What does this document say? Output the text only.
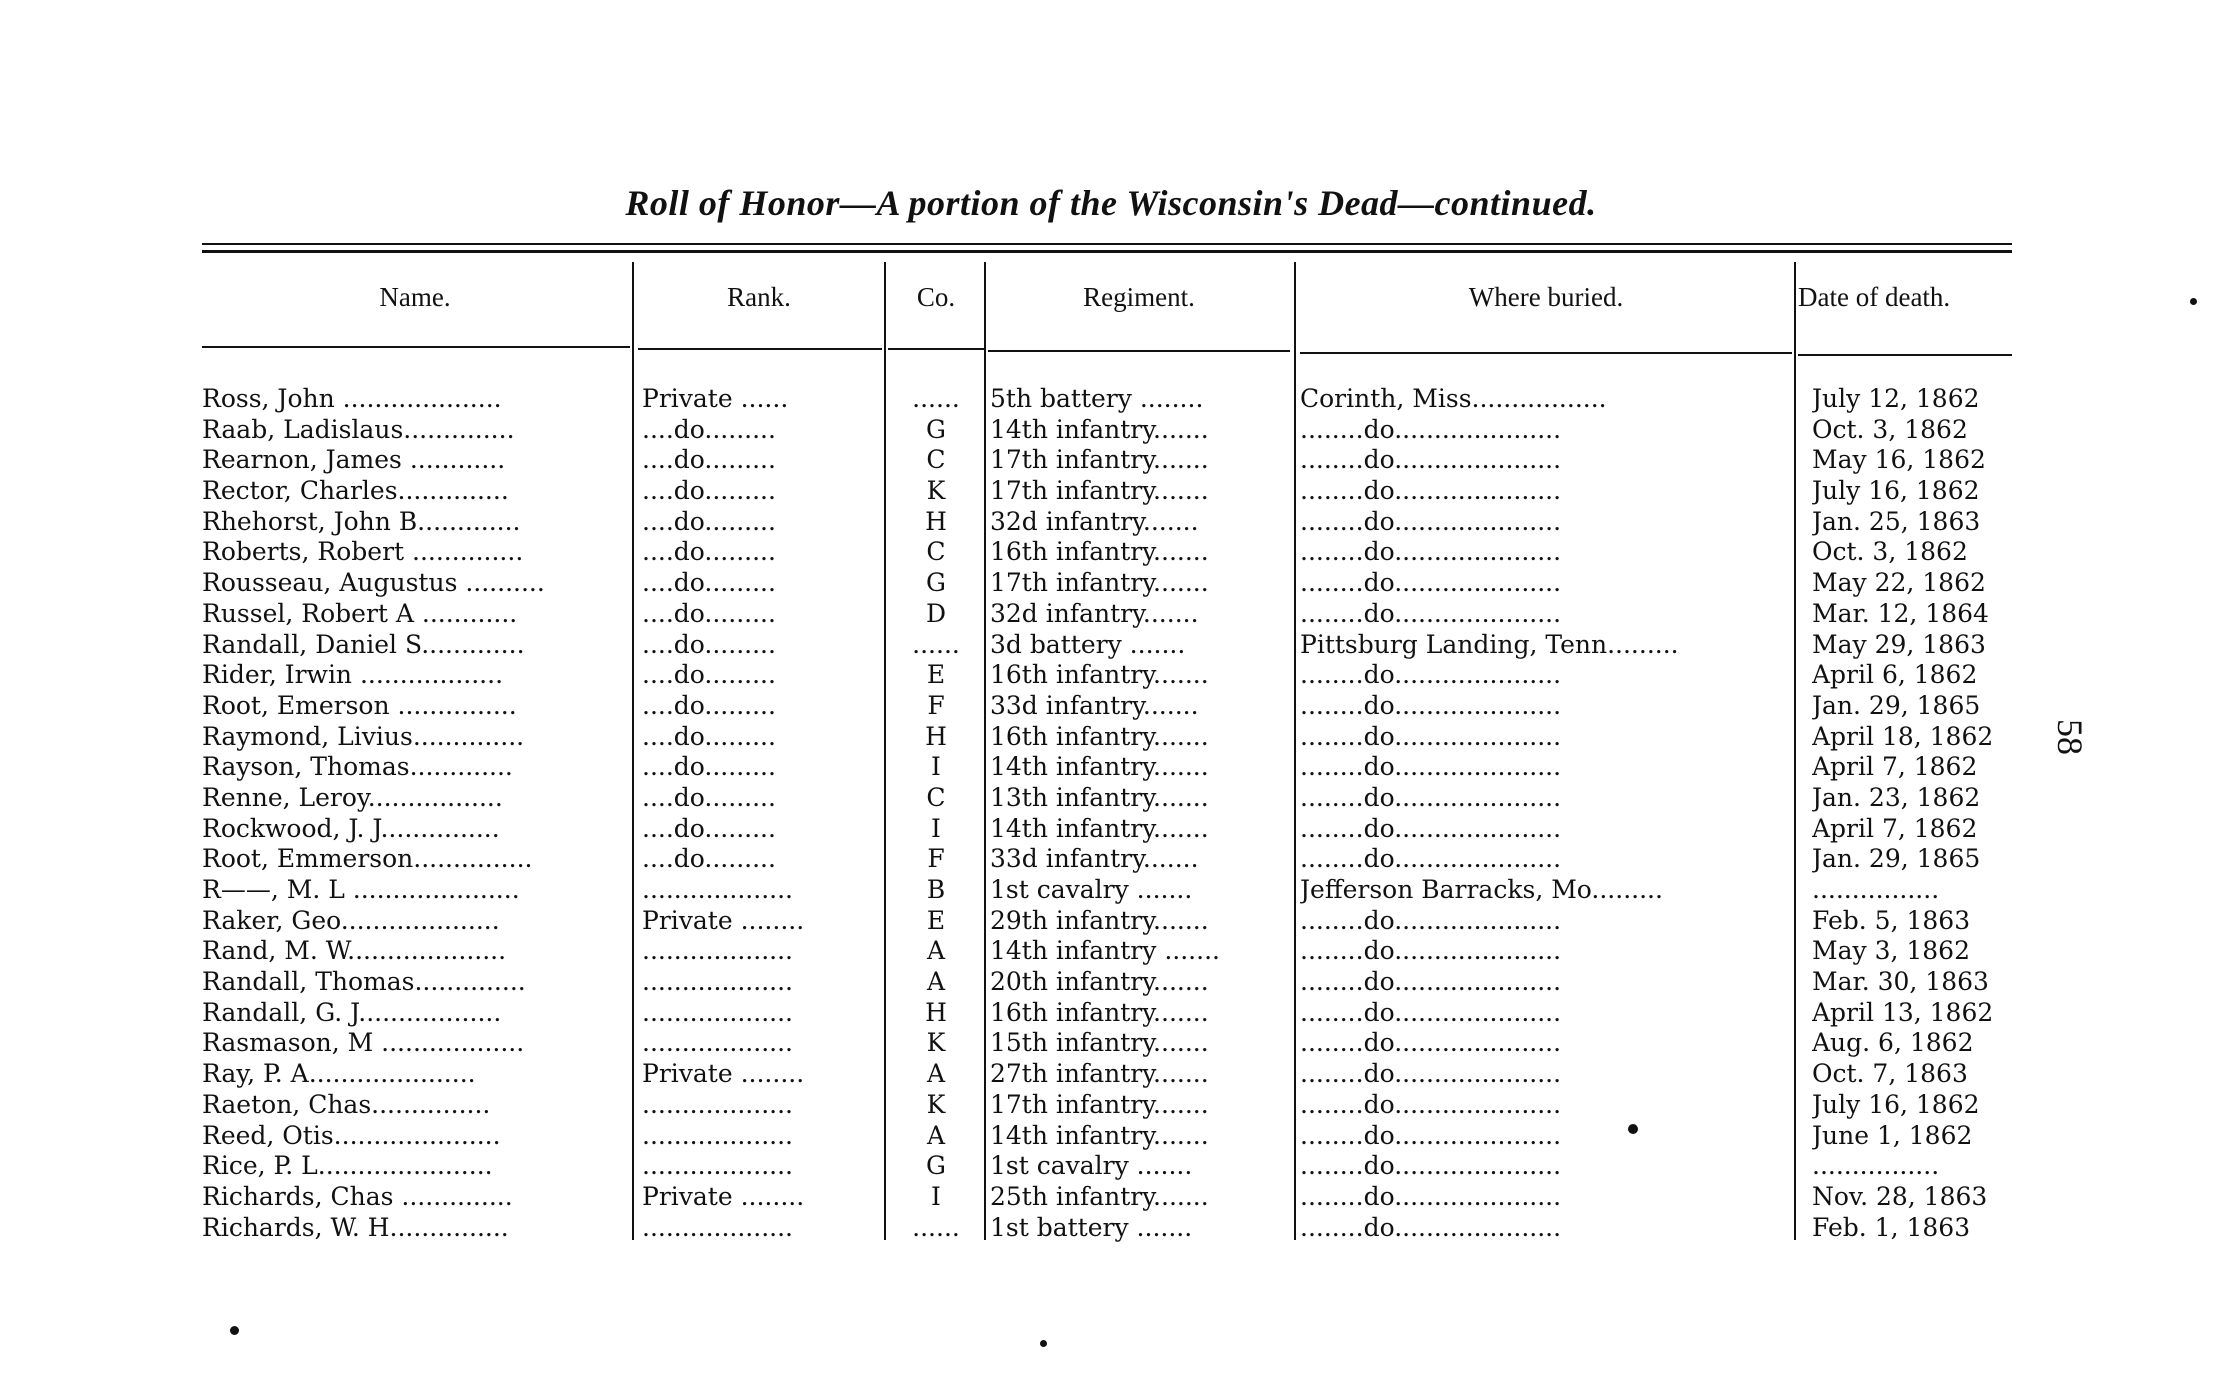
Roll of Honor—A portion of the Wisconsin's Dead—continued.
Name.	Rank.	Co.	Regiment.	Where buried.	Date of death.
Ross, John ....................	Private ......	......	5th battery ........	Corinth, Miss.................	July 12, 1862
Raab, Ladislaus..............	....do.........	G	14th infantry.......	........do.....................	Oct. 3, 1862
Rearnon, James ............	....do.........	C	17th infantry.......	........do.....................	May 16, 1862
Rector, Charles..............	....do.........	K	17th infantry.......	........do.....................	July 16, 1862
Rhehorst, John B.............	....do.........	H	32d infantry.......	........do.....................	Jan. 25, 1863
Roberts, Robert ..............	....do.........	C	16th infantry.......	........do.....................	Oct. 3, 1862
Rousseau, Augustus ..........	....do.........	G	17th infantry.......	........do.....................	May 22, 1862
Russel, Robert A ............	....do.........	D	32d infantry.......	........do.....................	Mar. 12, 1864
Randall, Daniel S.............	....do.........	......	3d battery .......	Pittsburg Landing, Tenn.........	May 29, 1863
Rider, Irwin ..................	....do.........	E	16th infantry.......	........do.....................	April 6, 1862
Root, Emerson ...............	....do.........	F	33d infantry.......	........do.....................	Jan. 29, 1865
Raymond, Livius..............	....do.........	H	16th infantry.......	........do.....................	April 18, 1862
Rayson, Thomas.............	....do.........	I	14th infantry.......	........do.....................	April 7, 1862
Renne, Leroy.................	....do.........	C	13th infantry.......	........do.....................	Jan. 23, 1862
Rockwood, J. J...............	....do.........	I	14th infantry.......	........do.....................	April 7, 1862
Root, Emmerson...............	....do.........	F	33d infantry.......	........do.....................	Jan. 29, 1865
R——, M. L .....................	...................	B	1st cavalry .......	Jefferson Barracks, Mo.........	................
Raker, Geo....................	Private ........	E	29th infantry.......	........do.....................	Feb. 5, 1863
Rand, M. W....................	...................	A	14th infantry .......	........do.....................	May 3, 1862
Randall, Thomas..............	...................	A	20th infantry.......	........do.....................	Mar. 30, 1863
Randall, G. J..................	...................	H	16th infantry.......	........do.....................	April 13, 1862
Rasmason, M ..................	...................	K	15th infantry.......	........do.....................	Aug. 6, 1862
Ray, P. A.....................	Private ........	A	27th infantry.......	........do.....................	Oct. 7, 1863
Raeton, Chas...............	...................	K	17th infantry.......	........do.....................	July 16, 1862
Reed, Otis.....................	...................	A	14th infantry.......	........do.....................	June 1, 1862
Rice, P. L......................	...................	G	1st cavalry .......	........do.....................	................
Richards, Chas ..............	Private ........	I	25th infantry.......	........do.....................	Nov. 28, 1863
Richards, W. H...............	...................	......	1st battery .......	........do.....................	Feb. 1, 1863
58
